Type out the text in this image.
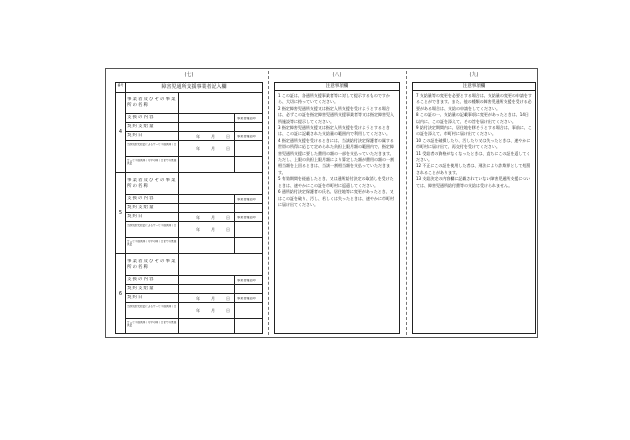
(七)	(八)	(九)
番号	障害児通所支援事業者記入欄
4
事業者及びその事業所の名称
支援の内容	事業者確認印
契約支給量
契約日	年	月	日 事業者確認印
当該契約支給量によるサービス提供終了日
年	月	日
サービス提供終了月中の終了日までの既提供量
5
事業者及びその事業所の名称
支援の内容	事業者確認印
契約支給量
契約日	年	月	日 事業者確認印
当該契約支給量によるサービス提供終了日
年	月	日
サービス提供終了月中の終了日までの既提供量
6
事業者及びその事業所の名称
支援の内容	事業者確認印
契約支給量
契約日	年	月	日 事業者確認印
当該契約支給量によるサービス提供終了日
年	月	日
サービス提供終了月中の終了日までの既提供量
注意事項欄

1 この証は、各通所支援事業者等に対して提示するものですから、大切に持っていてください。

2 指定障害児通所支援又は指定入所支援を受けようとする場合は、必ずこの証を指定障害児通所支援事業者等又は指定障害児入所施設等に提示してください。

3 指定障害児通所支援又は指定入所支援を受けようとするときは、この証に記載された支給量の範囲内で利用してください。

4 指定通所支援を受けるときには、当該給付決定保護者の属する世帯の所得に応じて定められた負担上限月額の範囲内で、指定障害児通所支援に要した費用の額の一部を支払っていただきます。ただし、上限の負担上限月額により算定した額が費用の額の一割相当額を上回るときは、当該一割相当額を支払っていただきます。

5 有効期間を経過したとき、又は通所給付決定の取消しを受けたときは、速やかにこの証を市町村に返還してください。

6 通所給付決定保護者の氏名、居住地等に変更があったとき、又はこの証を破り、汚し、若しくは失ったときは、速やかに市町村に届け出てください。

注意事項欄

7 支給量等の変更を必要とする場合は、支給量の変更の申請をすることができます。また、他の種類の障害児通所支援を受ける必要がある場合は、支給の申請をしてください。

8 この証の一、支給量の記載事項に変更があったときは、14日以内に、この証を添えて、その旨を届け出てください。

9 給付決定期間内に、居住地を移そうとする場合は、事前に、この証を添えて、市町村に届け出てください。

10 この証を破損したり、汚したり又は失ったときは、速やかに市町村に届け出て、再交付を受けてください。

11 受給者の資格がなくなったときは、直ちにこの証を返してください。

12 不正にこの証を使用した者は、刑法により詐欺罪として処罰されることがあります。

13 支給決定の内容欄に記載されていない障害児通所支援については、障害児通所給付費等の支給は受けられません。
